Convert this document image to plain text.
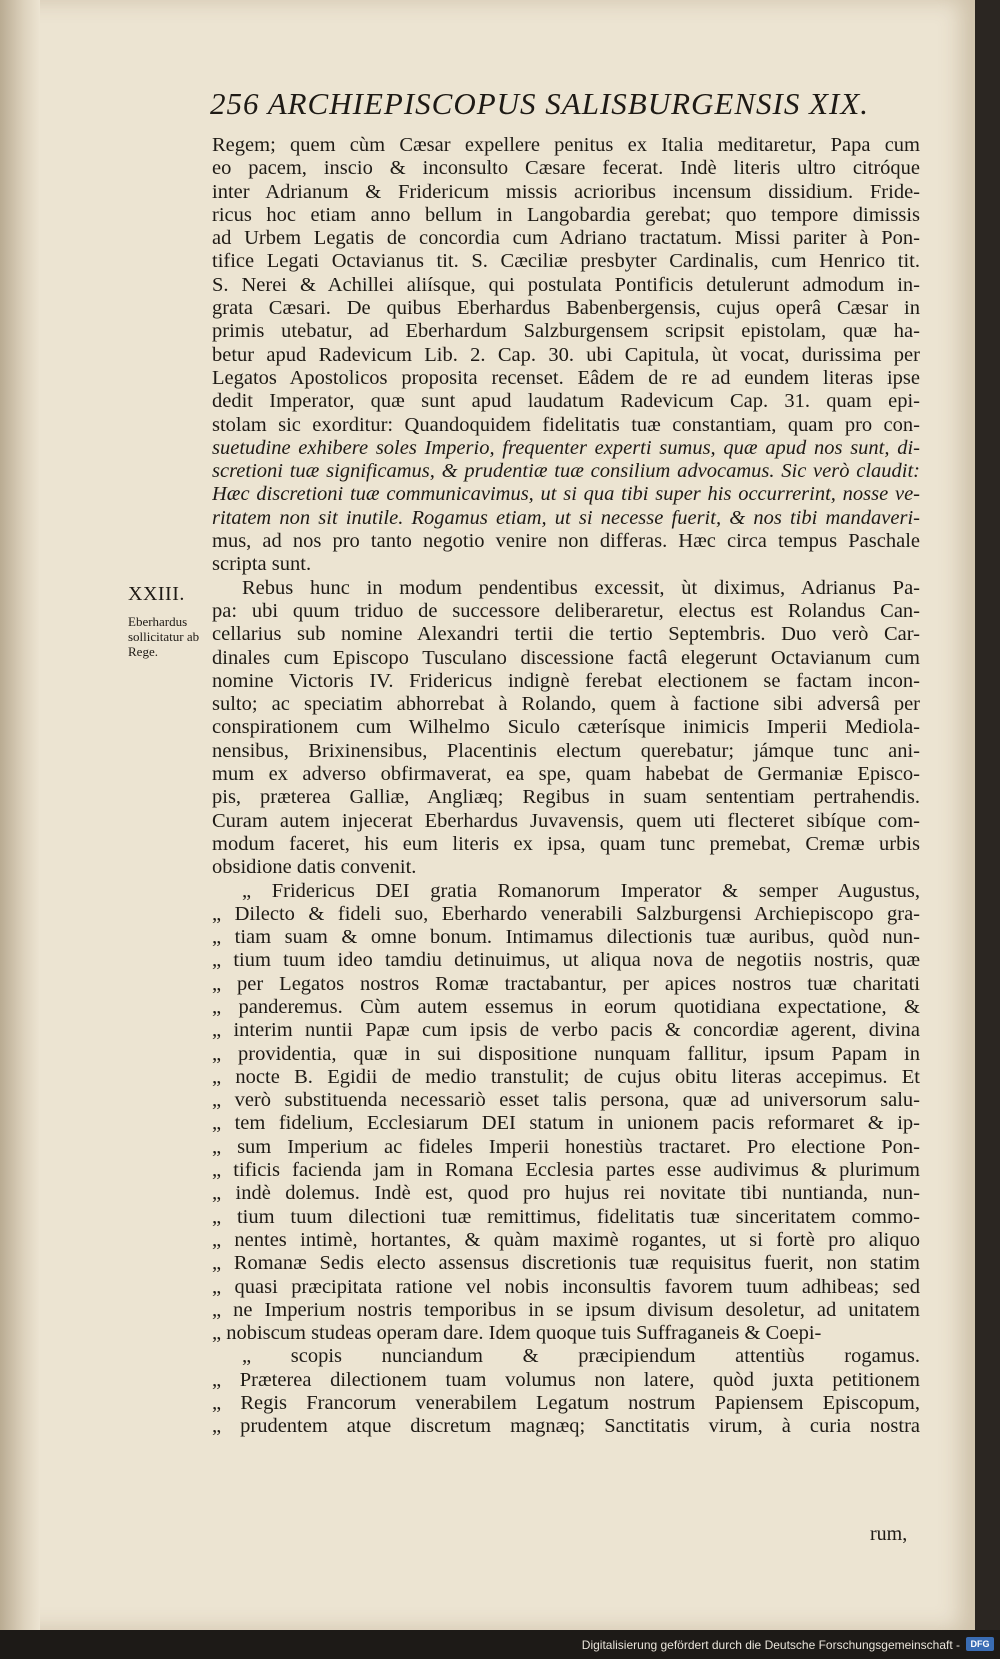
256 ARCHIEPISCOPUS SALISBURGENSIS XIX.
XXIII.
Eberhardus
sollicitatur ab
Rege.
Regem; quem cùm Cæsar expellere penitus ex Italia meditaretur, Papa cum
eo pacem, inscio & inconsulto Cæsare fecerat. Indè literis ultro citróque
inter Adrianum & Fridericum missis acrioribus incensum dissidium. Fride-
ricus hoc etiam anno bellum in Langobardia gerebat; quo tempore dimissis
ad Urbem Legatis de concordia cum Adriano tractatum. Missi pariter à Pon-
tifice Legati Octavianus tit. S. Cæciliæ presbyter Cardinalis, cum Henrico tit.
S. Nerei & Achillei aliísque, qui postulata Pontificis detulerunt admodum in-
grata Cæsari. De quibus Eberhardus Babenbergensis, cujus operâ Cæsar in
primis utebatur, ad Eberhardum Salzburgensem scripsit epistolam, quæ ha-
betur apud Radevicum Lib. 2. Cap. 30. ubi Capitula, ùt vocat, durissima per
Legatos Apostolicos proposita recenset. Eâdem de re ad eundem literas ipse
dedit Imperator, quæ sunt apud laudatum Radevicum Cap. 31. quam epi-
stolam sic exorditur: Quandoquidem fidelitatis tuæ constantiam, quam pro con-
suetudine exhibere soles Imperio, frequenter experti sumus, quæ apud nos sunt, di-
scretioni tuæ significamus, & prudentiæ tuæ consilium advocamus. Sic verò claudit:
Hæc discretioni tuæ communicavimus, ut si qua tibi super his occurrerint, nosse ve-
ritatem non sit inutile. Rogamus etiam, ut si necesse fuerit, & nos tibi mandaveri-
mus, ad nos pro tanto negotio venire non differas. Hæc circa tempus Paschale
scripta sunt.
Rebus hunc in modum pendentibus excessit, ùt diximus, Adrianus Pa-
pa: ubi quum triduo de successore deliberaretur, electus est Rolandus Can-
cellarius sub nomine Alexandri tertii die tertio Septembris. Duo verò Car-
dinales cum Episcopo Tusculano discessione factâ elegerunt Octavianum cum
nomine Victoris IV. Fridericus indignè ferebat electionem se factam incon-
sulto; ac speciatim abhorrebat à Rolando, quem à factione sibi adversâ per
conspirationem cum Wilhelmo Siculo cæterísque inimicis Imperii Mediola-
nensibus, Brixinensibus, Placentinis electum querebatur; jámque tunc ani-
mum ex adverso obfirmaverat, ea spe, quam habebat de Germaniæ Episco-
pis, præterea Galliæ, Angliæq; Regibus in suam sententiam pertrahendis.
Curam autem injecerat Eberhardus Juvavensis, quem uti flecteret sibíque com-
modum faceret, his eum literis ex ipsa, quam tunc premebat, Cremæ urbis
obsidione datis convenit.
„ Fridericus DEI gratia Romanorum Imperator & semper Augustus,
„ Dilecto & fideli suo, Eberhardo venerabili Salzburgensi Archiepiscopo gra-
„ tiam suam & omne bonum. Intimamus dilectionis tuæ auribus, quòd nun-
„ tium tuum ideo tamdiu detinuimus, ut aliqua nova de negotiis nostris, quæ
„ per Legatos nostros Romæ tractabantur, per apices nostros tuæ charitati
„ panderemus. Cùm autem essemus in eorum quotidiana expectatione, &
„ interim nuntii Papæ cum ipsis de verbo pacis & concordiæ agerent, divina
„ providentia, quæ in sui dispositione nunquam fallitur, ipsum Papam in
„ nocte B. Egidii de medio transtulit; de cujus obitu literas accepimus. Et
„ verò substituenda necessariò esset talis persona, quæ ad universorum salu-
„ tem fidelium, Ecclesiarum DEI statum in unionem pacis reformaret & ip-
„ sum Imperium ac fideles Imperii honestiùs tractaret. Pro electione Pon-
„ tificis facienda jam in Romana Ecclesia partes esse audivimus & plurimum
„ indè dolemus. Indè est, quod pro hujus rei novitate tibi nuntianda, nun-
„ tium tuum dilectioni tuæ remittimus, fidelitatis tuæ sinceritatem commo-
„ nentes intimè, hortantes, & quàm maximè rogantes, ut si fortè pro aliquo
„ Romanæ Sedis electo assensus discretionis tuæ requisitus fuerit, non statim
„ quasi præcipitata ratione vel nobis inconsultis favorem tuum adhibeas; sed
„ ne Imperium nostris temporibus in se ipsum divisum desoletur, ad unitatem
„ nobiscum studeas operam dare. Idem quoque tuis Suffraganeis & Coepi-
„ scopis nunciandum & præcipiendum attentiùs rogamus.
„ Præterea dilectionem tuam volumus non latere, quòd juxta petitionem
„ Regis Francorum venerabilem Legatum nostrum Papiensem Episcopum,
„ prudentem atque discretum magnæq; Sanctitatis virum, à curia nostra
rum,
Digitalisierung gefördert durch die Deutsche Forschungsgemeinschaft -	DFG
